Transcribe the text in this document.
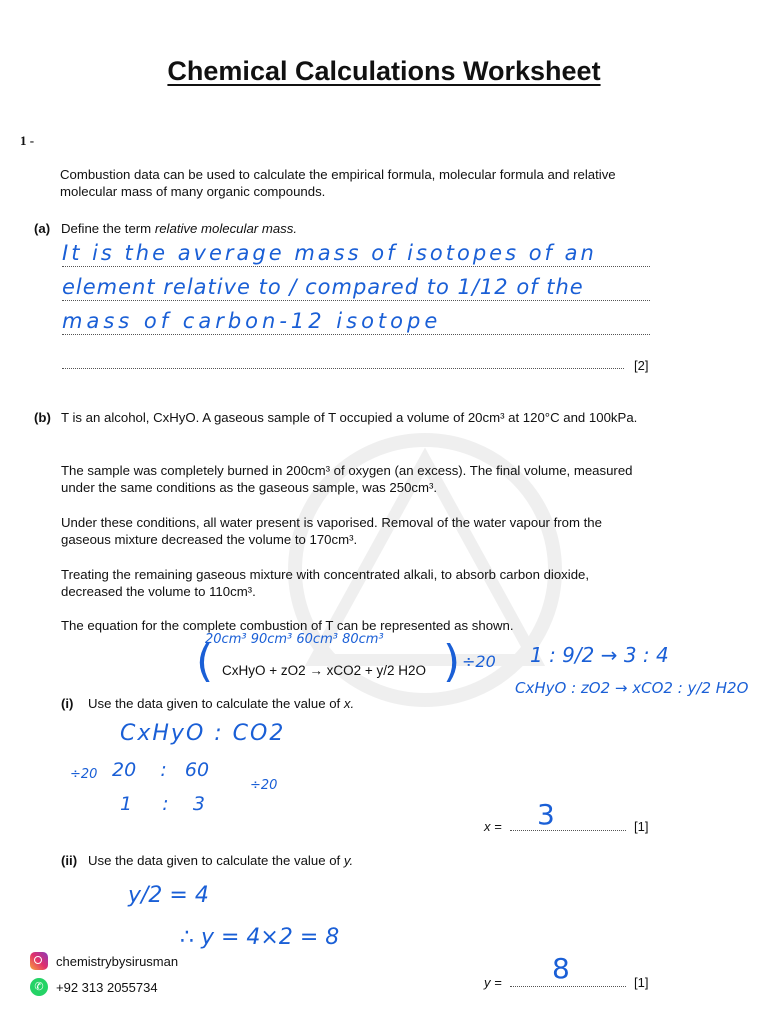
Chemical Calculations Worksheet
1 -
Combustion data can be used to calculate the empirical formula, molecular formula and relative molecular mass of many organic compounds.
(a) Define the term relative molecular mass.
It is the average mass of isotopes of an
element relative to / compared to 1/12 of the
mass of carbon-12 isotope
[2]
(b) T is an alcohol, CxHyO. A gaseous sample of T occupied a volume of 20cm³ at 120°C and 100kPa.
The sample was completely burned in 200cm³ of oxygen (an excess). The final volume, measured under the same conditions as the gaseous sample, was 250cm³.
Under these conditions, all water present is vaporised. Removal of the water vapour from the gaseous mixture decreased the volume to 170cm³.
Treating the remaining gaseous mixture with concentrated alkali, to absorb carbon dioxide, decreased the volume to 110cm³.
The equation for the complete combustion of T can be represented as shown.
20cm³ 90cm³ 60cm³ 80cm³
(	)
CxHyO + zO2 → xCO2 + y/2 H2O ÷20 1 : 9/2 → 3 : 4
CxHyO : zO2 → xCO2 : y/2 H2O
(i) Use the data given to calculate the value of x.
CxHyO : CO2
÷20 20    :   60
1     :    3
÷20
x = 3	[1]
(ii) Use the data given to calculate the value of y.
y/2 = 4
∴ y = 4×2 = 8
y = 8	[1]
chemistrybysirusman
✆ +92 313 2055734
